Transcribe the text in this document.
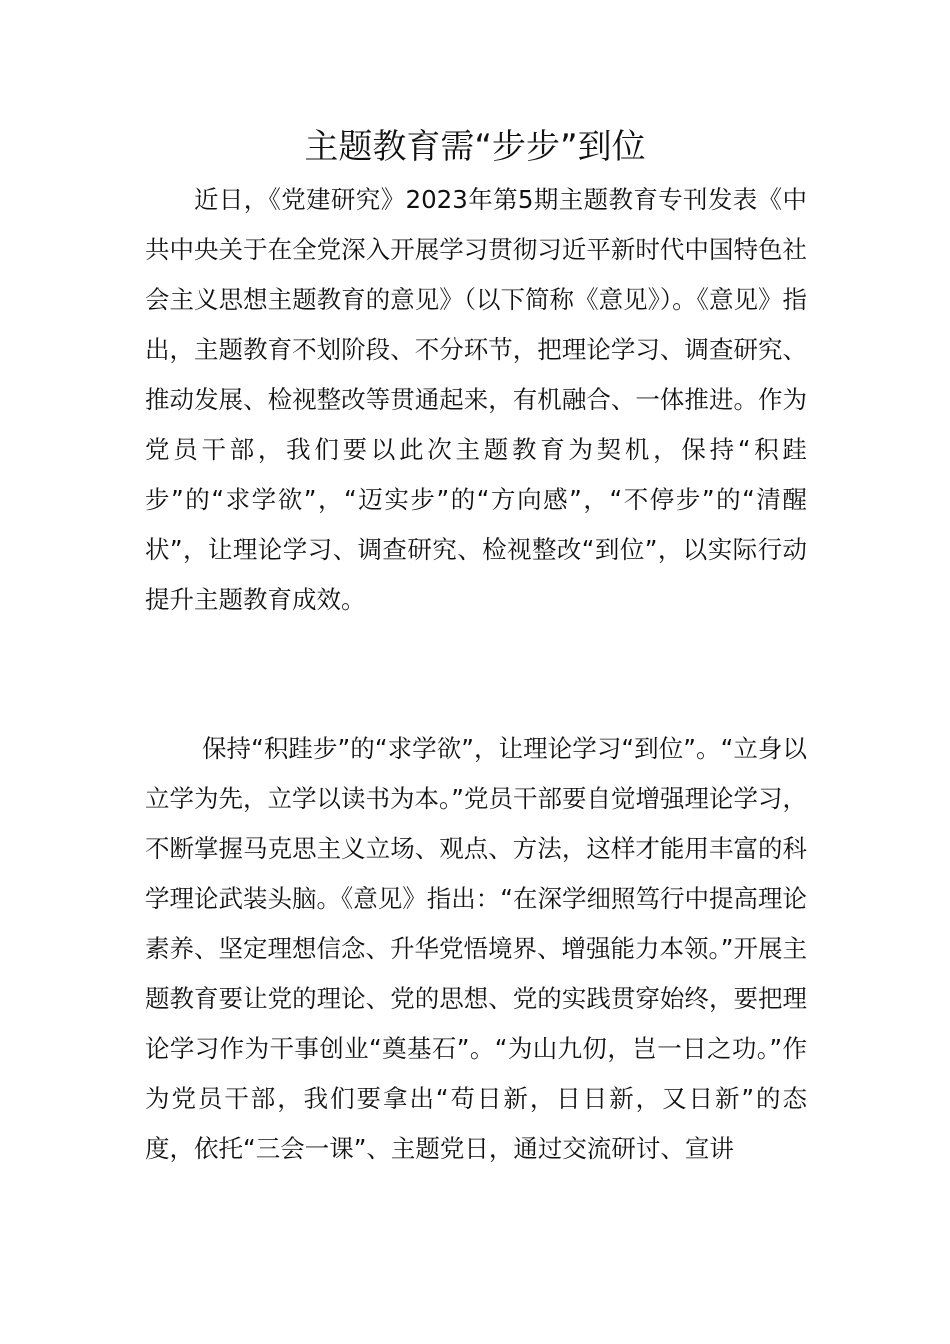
主题教育需“步步”到位

近日，《党建研究》2023年第5期主题教育专刊发表《中共中央关于在全党深入开展学习贯彻习近平新时代中国特色社会主义思想主题教育的意见》（以下简称《意见》）。《意见》指出，主题教育不划阶段、不分环节，把理论学习、调查研究、推动发展、检视整改等贯通起来，有机融合、一体推进。作为党员干部，我们要以此次主题教育为契机，保持“积跬步”的“求学欲”，“迈实步”的“方向感”，“不停步”的“清醒状”，让理论学习、调查研究、检视整改“到位”，以实际行动提升主题教育成效。

保持“积跬步”的“求学欲”，让理论学习“到位”。“立身以立学为先，立学以读书为本。”党员干部要自觉增强理论学习，不断掌握马克思主义立场、观点、方法，这样才能用丰富的科学理论武装头脑。《意见》指出：“在深学细照笃行中提高理论素养、坚定理想信念、升华党悟境界、增强能力本领。”开展主题教育要让党的理论、党的思想、党的实践贯穿始终，要把理论学习作为干事创业“奠基石”。“为山九仞，岂一日之功。”作为党员干部，我们要拿出“苟日新，日日新，又日新”的态度，依托“三会一课”、主题党日，通过交流研讨、宣讲
